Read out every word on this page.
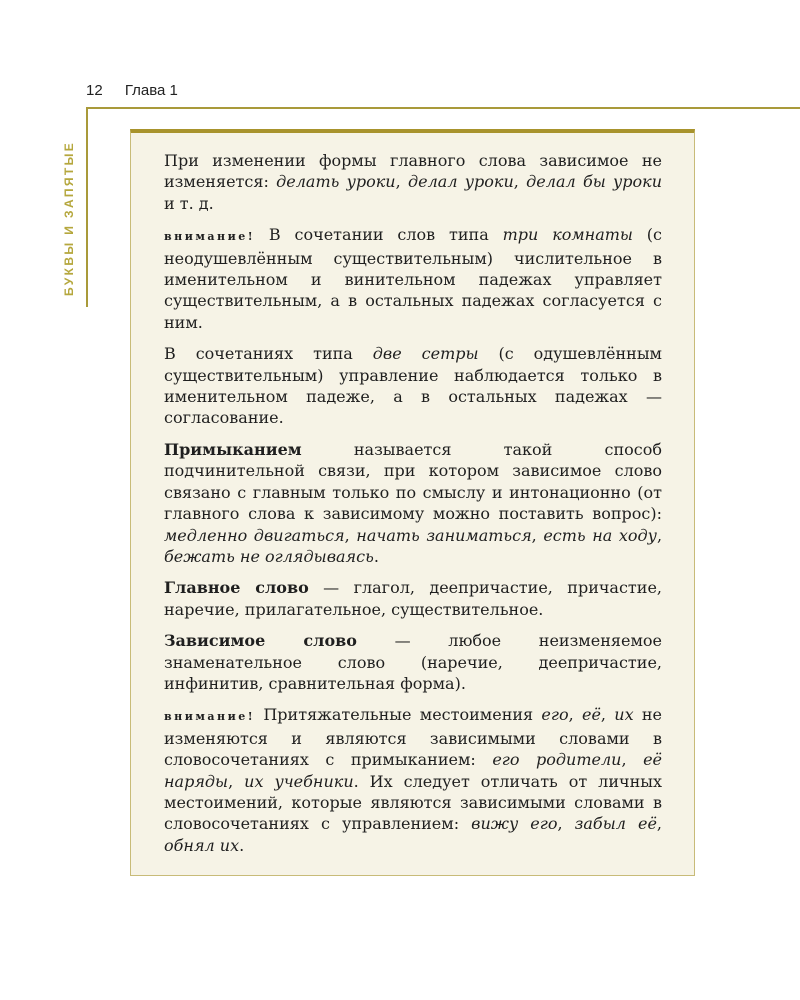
12 Глава 1
БУКВЫ И ЗАПЯТЫЕ	При изменении формы главного слова зависимое не изменяется: делать уроки, делал уроки, делал бы уроки и т. д.

внимание! В сочетании слов типа три комнаты (с неодушевлённым существительным) числительное в именительном и винительном падежах управляет существительным, а в остальных падежах согласуется с ним.

В сочетаниях типа две сетры (с одушевлённым существительным) управление наблюдается только в именительном падеже, а в остальных падежах — согласование.

Примыканием называется такой способ подчинительной связи, при котором зависимое слово связано с главным только по смыслу и интонационно (от главного слова к зависимому можно поставить вопрос): медленно двигаться, начать заниматься, есть на ходу, бежать не оглядываясь.

Главное слово — глагол, деепричастие, причастие, наречие, прилагательное, существительное.

Зависимое слово — любое неизменяемое знаменательное слово (наречие, деепричастие, инфинитив, сравнительная форма).

внимание! Притяжательные местоимения его, её, их не изменяются и являются зависимыми словами в словосочетаниях с примыканием: его родители, её наряды, их учебники. Их следует отличать от личных местоимений, которые являются зависимыми словами в словосочетаниях с управлением: вижу его, забыл её, обнял их.
